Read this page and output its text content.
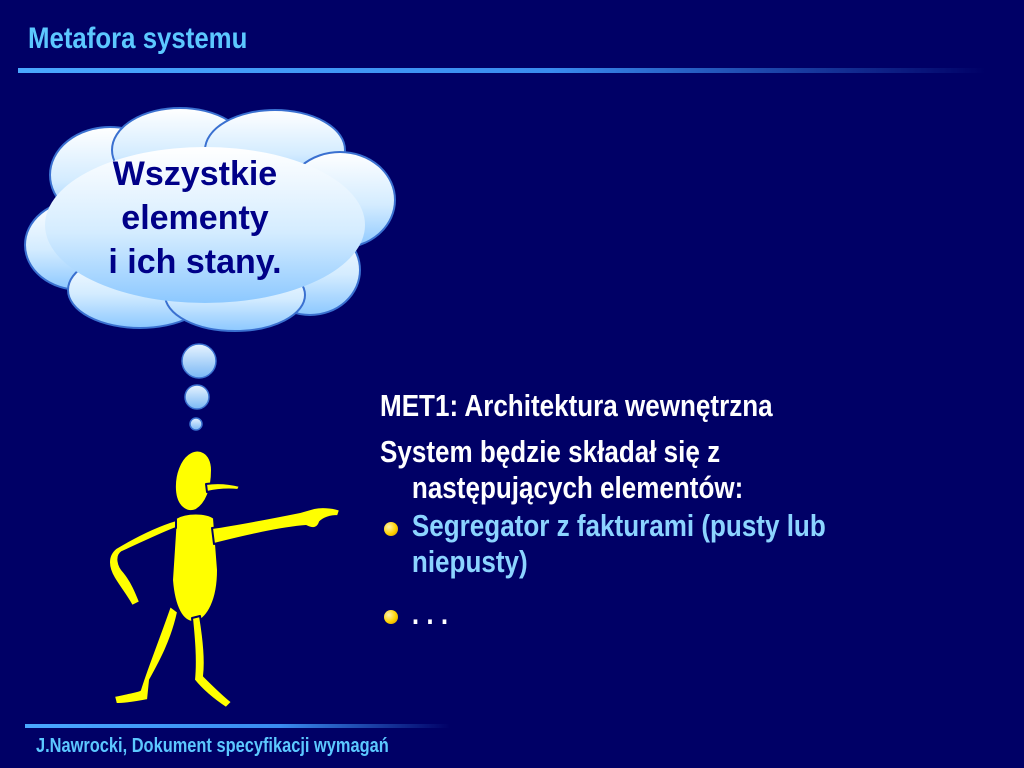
Metafora systemu
Wszystkie
elementy
i ich stany.
MET1: Architektura wewnętrzna
System będzie składał się z
następujących elementów:
Segregator z fakturami (pusty lub
niepusty)
. . .
J.Nawrocki, Dokument specyfikacji wymagań
